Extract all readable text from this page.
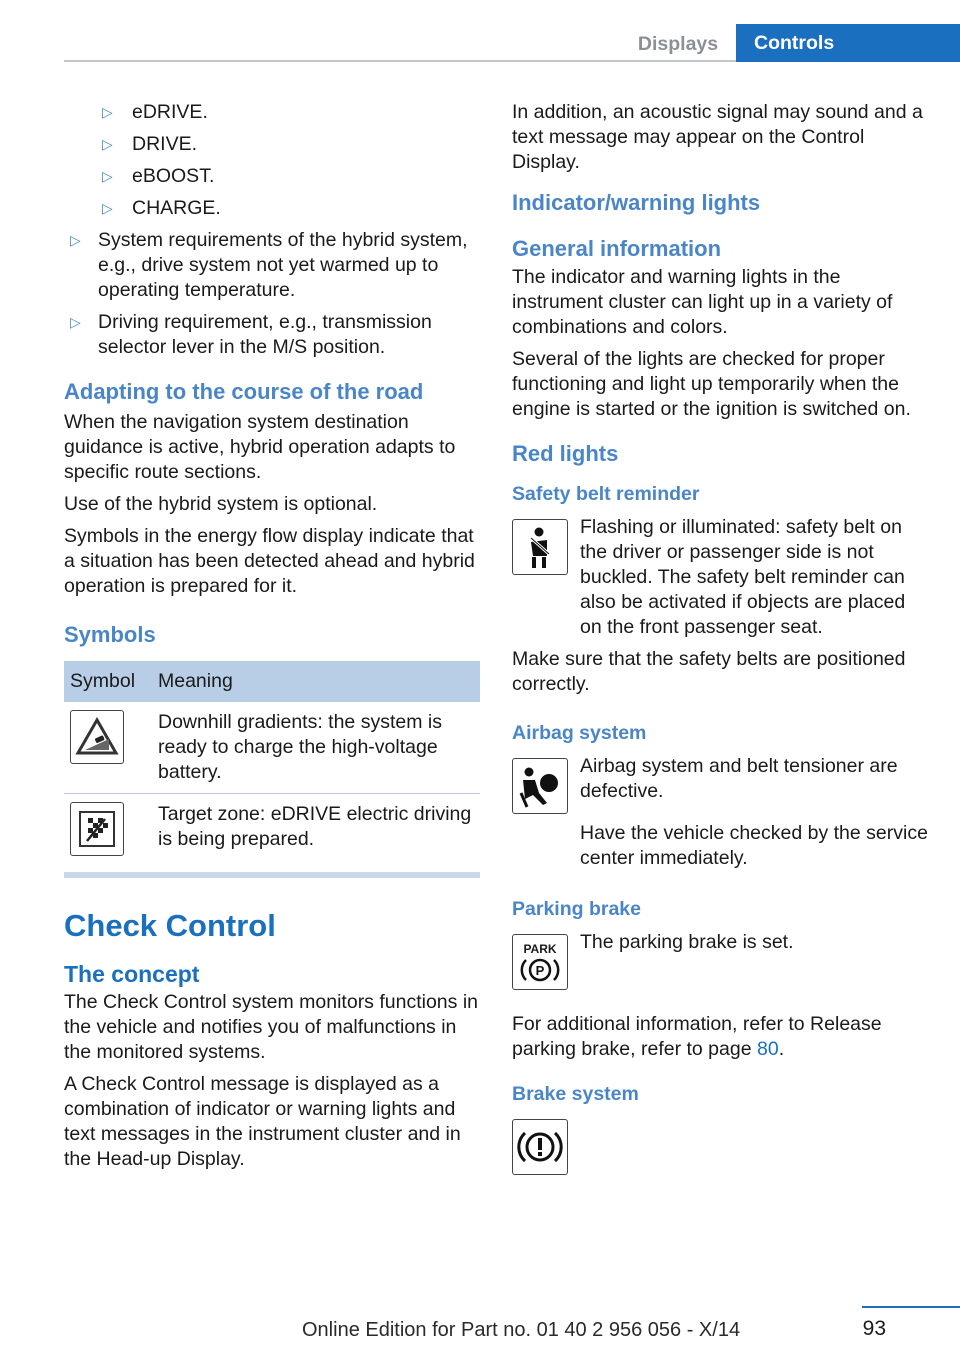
Displays	Controls
▷ eDRIVE.
▷ DRIVE.
▷ eBOOST.
▷ CHARGE.
▷ System requirements of the hybrid system, e.g., drive system not yet warmed up to operating temperature.
▷ Driving requirement, e.g., transmission selector lever in the M/S position.
Adapting to the course of the road

When the navigation system destination guidance is active, hybrid operation adapts to specific route sections.

Use of the hybrid system is optional.

Symbols in the energy flow display indicate that a situation has been detected ahead and hybrid operation is prepared for it.

Symbols
Symbol	Meaning

	Downhill gradients: the system is ready to charge the high-voltage battery.

	Target zone: eDRIVE electric driving is being prepared.
Check Control
The concept

The Check Control system monitors functions in the vehicle and notifies you of malfunctions in the monitored systems.

A Check Control message is displayed as a combination of indicator or warning lights and text messages in the instrument cluster and in the Head-up Display.

In addition, an acoustic signal may sound and a text message may appear on the Control Display.

Indicator/warning lights
General information

The indicator and warning lights in the instrument cluster can light up in a variety of combinations and colors.

Several of the lights are checked for proper functioning and light up temporarily when the engine is started or the ignition is switched on.

Red lights
Safety belt reminder
Flashing or illuminated: safety belt on the driver or passenger side is not buckled. The safety belt reminder can also be activated if objects are placed on the front passenger seat.

Make sure that the safety belts are positioned correctly.

Airbag system
Airbag system and belt tensioner are defective.

Have the vehicle checked by the service center immediately.

Parking brake
PARK
P
The parking brake is set.

For additional information, refer to Release parking brake, refer to page 80.

Brake system
93
Online Edition for Part no. 01 40 2 956 056 - X/14
